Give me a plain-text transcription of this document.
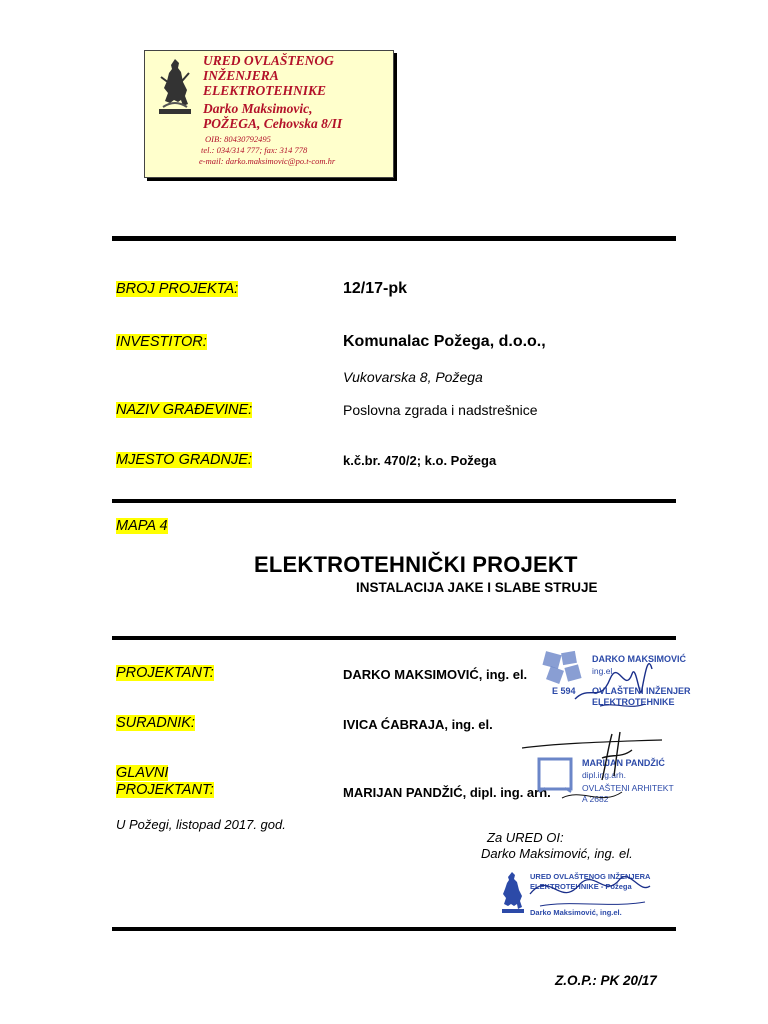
URED OVLAŠTENOG
INŽENJERA
ELEKTROTEHNIKE
Darko Maksimovic,
POŽEGA, Cehovska 8/II
OIB: 80430792495
tel.: 034/314 777; fax: 314 778
e-mail: darko.maksimovic@po.t-com.hr
BROJ PROJEKTA:	12/17-pk
INVESTITOR:	Komunalac Požega, d.o.o.,
Vukovarska 8, Požega
NAZIV GRAĐEVINE:	Poslovna zgrada i nadstrešnice
MJESTO GRADNJE:	k.č.br. 470/2; k.o. Požega
MAPA 4
ELEKTROTEHNIČKI PROJEKT
INSTALACIJA JAKE I SLABE STRUJE
PROJEKTANT:	DARKO MAKSIMOVIĆ, ing. el.
SURADNIK:	IVICA ĆABRAJA, ing. el.
GLAVNI
PROJEKTANT:	MARIJAN PANDŽIĆ, dipl. ing. arh.
DARKO MAKSIMOVIĆ
ing.el.
E 594 OVLAŠTENI INŽENJER
ELEKTROTEHNIKE
MARIJAN PANDŽIĆ
dipl.ing.arh.
OVLAŠTENI ARHITEKT
A 2682
U Požegi, listopad 2017. god.
Za URED OI:
Darko Maksimović, ing. el.
URED OVLAŠTENOG INŽENJERA
ELEKTROTEHNIKE - Požega
Darko Maksimović, ing.el.
Z.O.P.: PK 20/17
